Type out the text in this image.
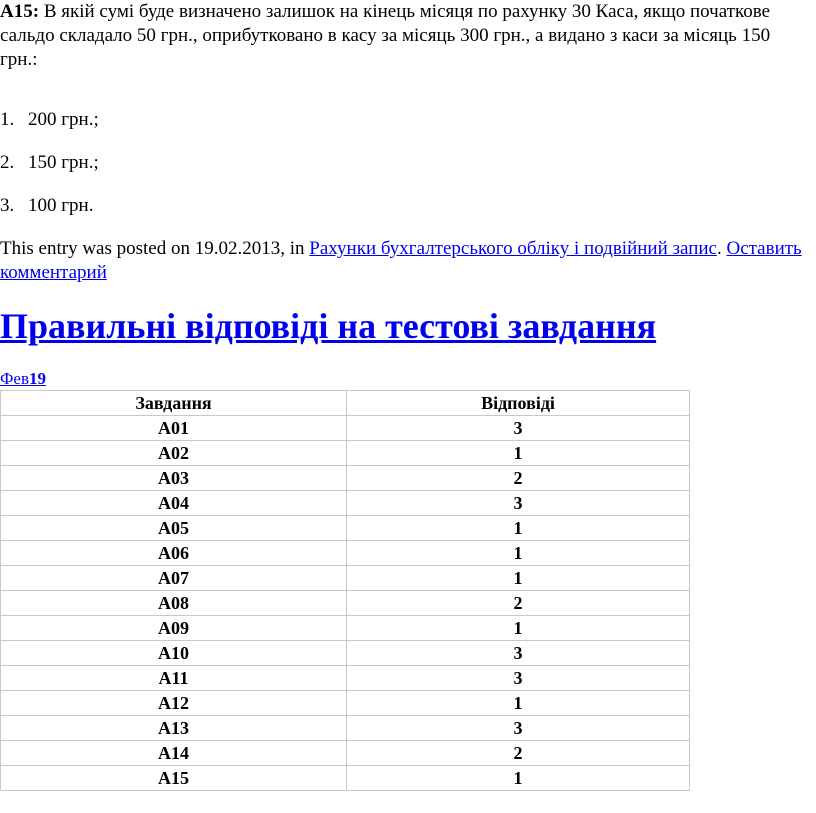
А15: В якій сумі буде визначено залишок на кінець місяця по рахунку 30 Каса, якщо початкове сальдо складало 50 грн., оприбутковано в касу за місяць 300 грн., а видано з каси за місяць 150 грн.:
1. 200 грн.;
2. 150 грн.;
3. 100 грн.
This entry was posted on 19.02.2013, in Рахунки бухгалтерського обліку і подвійний запис. Оставить комментарий
Правильні відповіді на тестові завдання
Фев19
Завдання	Відповіді
А01	3
А02	1
А03	2
А04	3
А05	1
А06	1
А07	1
А08	2
А09	1
А10	3
А11	3
А12	1
А13	3
А14	2
А15	1
